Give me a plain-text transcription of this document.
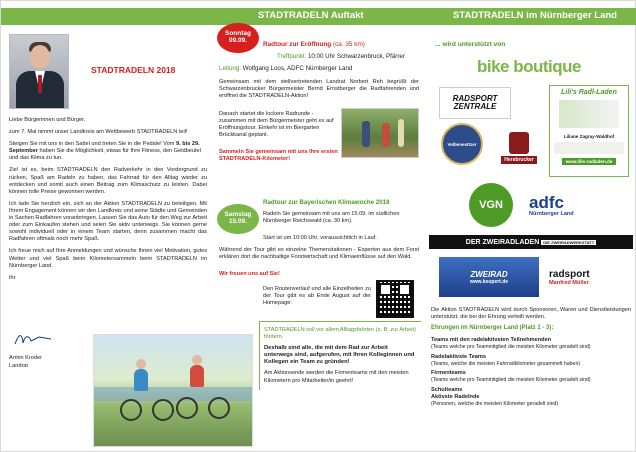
STADTRADELN 2018

Liebe Bürgerinnen und Bürger,

zum 7. Mal nimmt unser Landkreis am Wettbewerb STADTRADELN teil!

Steigen Sie mit uns in den Sattel und treten Sie in die Pedale! Vom 9. bis 29. September haben Sie die Möglichkeit, etwas für Ihre Fitness, den Geldbeutel und das Klima zu tun.

Ziel ist es, beim STADTRADELN den Radverkehr in den Vordergrund zu rücken, Spaß am Radeln zu haben, das Fahrrad für den Alltag wieder zu entdecken und somit auch einen Beitrag zum Klimaschutz zu leisten. Dabei können tolle Preise gewonnen werden.

Ich lade Sie herzlich ein, sich an der Aktion STADTRADELN zu beteiligen. Mit Ihrem Engagement können wir den Landkreis und seine Städte und Gemeinden in Sachen Radfahren voranbringen. Lassen Sie das Auto für den Weg zur Arbeit oder zum Einkaufen stehen und seien Sie aktiv unterwegs. Sie können gerne sowohl individuell oder in einem Team starten, denn zusammen macht das Radfahren oftmals noch mehr Spaß.

Ich freue mich auf Ihre Anmeldungen und wünsche Ihnen viel Motivation, gutes Wetter und viel Spaß beim Kilometersammeln beim STADTRADELN im Nürnberger Land.

Ihr

Armin Kroder

Landrat

STADTRADELN Auftakt
Sonntag 09.09.

Radtour zur Eröffnung (ca. 35 km)

Treffpunkt: 10:00 Uhr Schwarzenbruck, Pfärrer

Leitung: Wolfgang Loos, ADFC Nürnberger Land

Gemeinsam mit dem stellvertretenden Landrat Norbert Reh begrüßt der Schwarzenbrucker Bürgermeister Bernd Ernstberger die Radfahrenden und eröffnet die STADTRADELN-Aktion!

Danach startet die lockere Radrunde - zusammen mit dem Bürgermeister geht es auf Eröffnungstour. Einkehr ist im Biergarten Brückkanal geplant.

Sammeln Sie gemeinsam mit uns Ihre ersten STADTRADELN-Kilometer!

Samstag 15.09.

Radtour zur Bayerischen Klimawoche 2018

Radeln Sie gemeinsam mit uns am 15.09. im südlichen Nürnberger Reichswald (ca. 30 km).

Start ist um 10:00 Uhr, voraussichtlich in Lauf.

Während der Tour gibt es einzelne Themenstationen - Experten aus dem Forst erklären dort die nachhaltige Forstwirtschaft und Klimaeinflüsse auf den Wald.

Wir freuen uns auf Sie!

Den Routenverlauf und alle Einzelheiten zu der Tour gibt es ab Ende August auf der Homepage:

STADTRADELN soll vor allem Alltagsfahrten (z. B. zur Arbeit) fördern.

Deshalb sind alle, die mit dem Rad zur Arbeit unterwegs sind, aufgerufen, mit Ihren Kolleginnen und Kollegen ein Team zu gründen!

Am Aktionsende werden die Firmenteams mit den meisten Kilometern pro Mitarbeiter/in geehrt!

STADTRADELN im Nürnberger Land

... wird unterstützt von

bike boutique
RADSPORT ZENTRALE
Lili's Radl-Laden
Liliane Zagray-Waldhof
www.lilis-radladen.de
Velbenesttzer
Hersbrucker
VGN adfc
Nürnberger Land
DER ZWEIRADLADEN
DIE ZWEIRADWERKSTATT
ZWEIRAD
www.keupert.de
radsport
Manfred Müller

Die Aktion STADTRADELN wird durch Sponsoren, Waren und Dienstleistungen unterstützt, die bei der Ehrung verteilt werden.

Ehrungen im Nürnberger Land (Platz 1 - 3):

Teams mit den radelaktivsten Teilnehmenden

(Teams welche pro Teammitglied die meisten Kilometer geradelt sind)

Radelaktivste Teams

(Teams, welche die meisten Fahrradkilometer gesammelt haben)

Firmenteams

(Teams welche pro Teammitglied die meisten Kilometer geradelt sind)

Schulteams

Aktivste Radelnde

(Personen, welche die meisten Kilometer geradelt sind)
